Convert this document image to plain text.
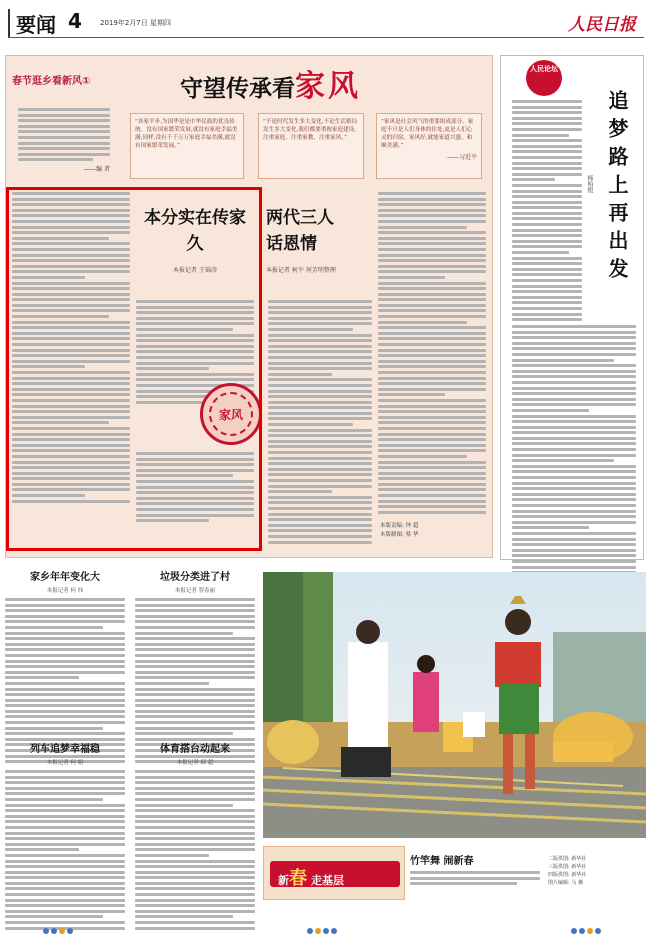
要闻 4	2019年2月7日 星期四	人民日报
春节逛乡看新风①	守望传承看家风
——编 者
“各家平步,为国华是是中华民族的优良传统。没有国家繁荣发展,就没有家庭幸福美满;同样,没有千千万万家庭幸福美满,就没有国家繁荣发展。”
“不论时代发生多大变化,不论生活格局发生多大变化,我们都要重视家庭建设,注重家庭、注重家教、注重家风。”
“家风是社会风气的重要组成部分。家庭不只是人们身体的住处,更是人们心灵的归宿。家风好,就能家道兴盛、和顺美满。”
——习近平
本分实在传家久
本报记者 王锦涛
家风
两代三人话恩情
本报记者 柯平 何芳明整理
本版责编: 钟 超
本版制图: 蔡 华
人民论坛
追梦路上再出发
杨柏根
家乡年年变化大
本报记者 何 炜
垃圾分类进了村
本报记者 智春丽
列车追梦幸福稳
本报记者 何 娟
体育搭台动起来
本报记者 邱 超
竹竿舞 闹新春	二版供图: 新华社
三版供图: 新华社
四版供图: 新华社
图片编辑: 马 骥
新春 走基层
